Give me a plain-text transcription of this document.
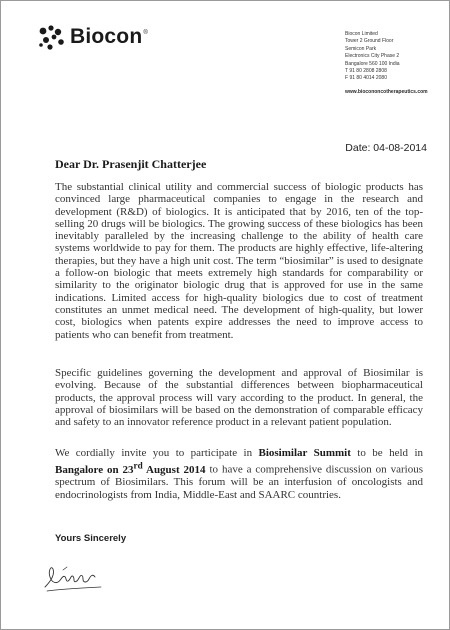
Biocon ®	Biocon Limited
Tower 2 Ground Floor
Semicon Park
Electronics City Phase 2
Bangalore 560 100 India
T 91 80 2808 2808
F 91 80 4014 2080
www.biocononcotherapeutics.com
Date: 04-08-2014
Dear Dr. Prasenjit Chatterjee
The substantial clinical utility and commercial success of biologic products has convinced large pharmaceutical companies to engage in the research and development (R&D) of biologics. It is anticipated that by 2016, ten of the top-selling 20 drugs will be biologics. The growing success of these biologics has been inevitably paralleled by the increasing challenge to the ability of health care systems worldwide to pay for them. The products are highly effective, life-altering therapies, but they have a high unit cost. The term “biosimilar” is used to designate a follow-on biologic that meets extremely high standards for comparability or similarity to the originator biologic drug that is approved for use in the same indications. Limited access for high-quality biologics due to cost of treatment constitutes an unmet medical need. The development of high-quality, but lower cost, biologics when patents expire addresses the need to improve access to patients who can benefit from treatment.
Specific guidelines governing the development and approval of Biosimilar is evolving. Because of the substantial differences between biopharmaceutical products, the approval process will vary according to the product. In general, the approval of biosimilars will be based on the demonstration of comparable efficacy and safety to an innovator reference product in a relevant patient population.
We cordially invite you to participate in Biosimilar Summit to be held in Bangalore on 23rd August 2014 to have a comprehensive discussion on various spectrum of Biosimilars. This forum will be an interfusion of oncologists and endocrinologists from India, Middle-East and SAARC countries.
Yours Sincerely
